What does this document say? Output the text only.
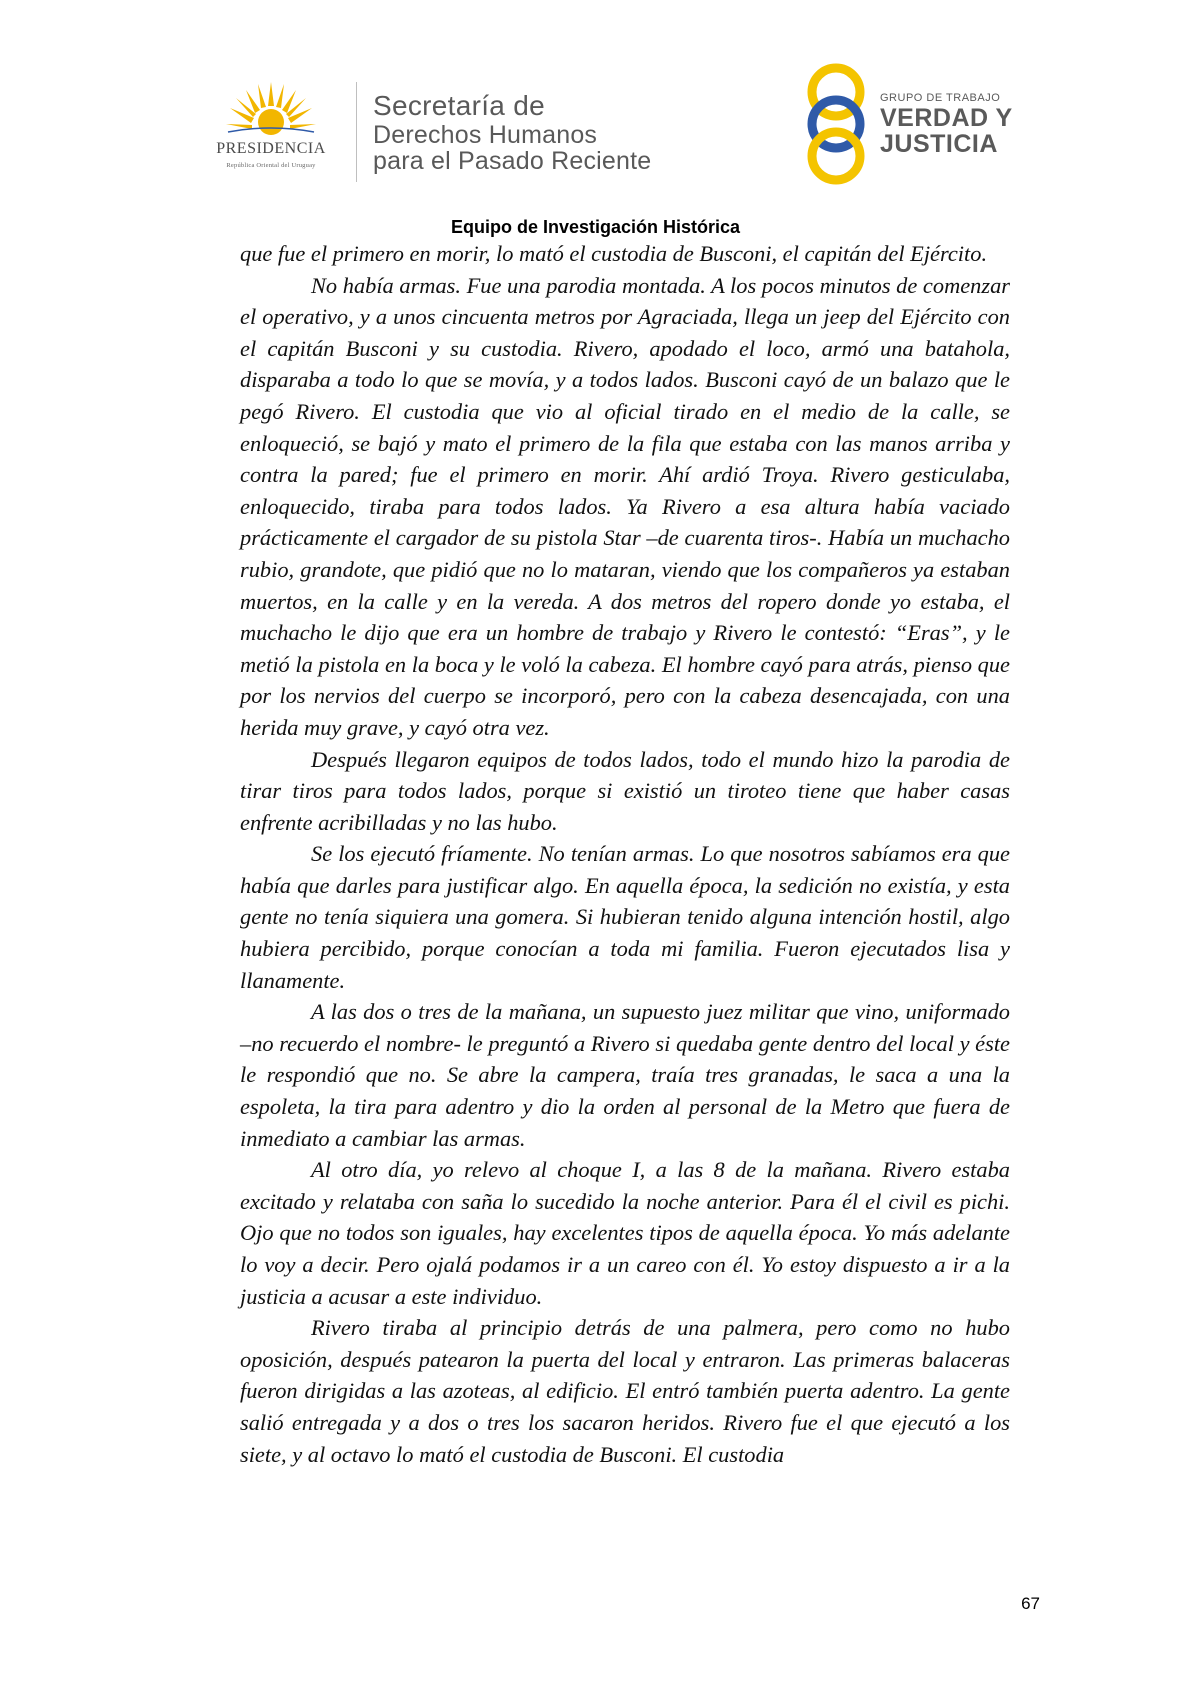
PRESIDENCIA
República Oriental del Uruguay
Secretaría de
Derechos Humanos
para el Pasado Reciente
GRUPO DE TRABAJO
VERDAD Y
JUSTICIA
Equipo de Investigación Histórica

que fue el primero en morir, lo mató el custodia de Busconi, el capitán del Ejército.

No había armas. Fue una parodia montada. A los pocos minutos de comenzar el operativo, y a unos cincuenta metros por Agraciada, llega un jeep del Ejército con el capitán Busconi y su custodia. Rivero, apodado el loco, armó una batahola, disparaba a todo lo que se movía, y a todos lados. Busconi cayó de un balazo que le pegó Rivero. El custodia que vio al oficial tirado en el medio de la calle, se enloqueció, se bajó y mato el primero de la fila que estaba con las manos arriba y contra la pared; fue el primero en morir. Ahí ardió Troya. Rivero gesticulaba, enloquecido, tiraba para todos lados. Ya Rivero a esa altura había vaciado prácticamente el cargador de su pistola Star –de cuarenta tiros-. Había un muchacho rubio, grandote, que pidió que no lo mataran, viendo que los compañeros ya estaban muertos, en la calle y en la vereda. A dos metros del ropero donde yo estaba, el muchacho le dijo que era un hombre de trabajo y Rivero le contestó: “Eras”, y le metió la pistola en la boca y le voló la cabeza. El hombre cayó para atrás, pienso que por los nervios del cuerpo se incorporó, pero con la cabeza desencajada, con una herida muy grave, y cayó otra vez.

Después llegaron equipos de todos lados, todo el mundo hizo la parodia de tirar tiros para todos lados, porque si existió un tiroteo tiene que haber casas enfrente acribilladas y no las hubo.

Se los ejecutó fríamente. No tenían armas. Lo que nosotros sabíamos era que había que darles para justificar algo. En aquella época, la sedición no existía, y esta gente no tenía siquiera una gomera. Si hubieran tenido alguna intención hostil, algo hubiera percibido, porque conocían a toda mi familia. Fueron ejecutados lisa y llanamente.

A las dos o tres de la mañana, un supuesto juez militar que vino, uniformado –no recuerdo el nombre- le preguntó a Rivero si quedaba gente dentro del local y éste le respondió que no. Se abre la campera, traía tres granadas, le saca a una la espoleta, la tira para adentro y dio la orden al personal de la Metro que fuera de inmediato a cambiar las armas.

Al otro día, yo relevo al choque I, a las 8 de la mañana. Rivero estaba excitado y relataba con saña lo sucedido la noche anterior. Para él el civil es pichi. Ojo que no todos son iguales, hay excelentes tipos de aquella época. Yo más adelante lo voy a decir. Pero ojalá podamos ir a un careo con él. Yo estoy dispuesto a ir a la justicia a acusar a este individuo.

Rivero tiraba al principio detrás de una palmera, pero como no hubo oposición, después patearon la puerta del local y entraron. Las primeras balaceras fueron dirigidas a las azoteas, al edificio. El entró también puerta adentro. La gente salió entregada y a dos o tres los sacaron heridos. Rivero fue el que ejecutó a los siete, y al octavo lo mató el custodia de Busconi. El custodia

67
